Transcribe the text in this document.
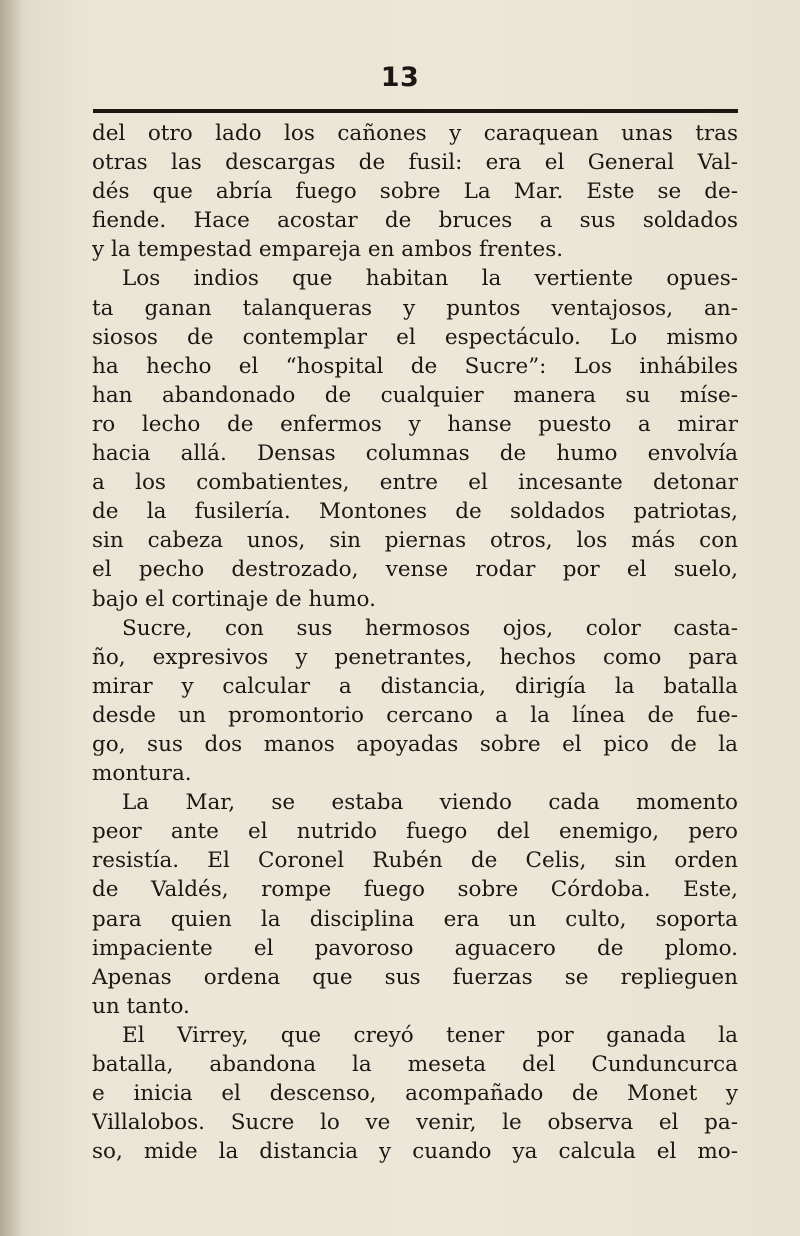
13
del otro lado los cañones y caraquean unas tras
otras las descargas de fusil: era el General Val-
dés que abría fuego sobre La Mar. Este se de-
fiende. Hace acostar de bruces a sus soldados
y la tempestad empareja en ambos frentes.
Los indios que habitan la vertiente opues-
ta ganan talanqueras y puntos ventajosos, an-
siosos de contemplar el espectáculo. Lo mismo
ha hecho el “hospital de Sucre”: Los inhábiles
han abandonado de cualquier manera su míse-
ro lecho de enfermos y hanse puesto a mirar
hacia allá. Densas columnas de humo envolvía
a los combatientes, entre el incesante detonar
de la fusilería. Montones de soldados patriotas,
sin cabeza unos, sin piernas otros, los más con
el pecho destrozado, vense rodar por el suelo,
bajo el cortinaje de humo.
Sucre, con sus hermosos ojos, color casta-
ño, expresivos y penetrantes, hechos como para
mirar y calcular a distancia, dirigía la batalla
desde un promontorio cercano a la línea de fue-
go, sus dos manos apoyadas sobre el pico de la
montura.
La Mar, se estaba viendo cada momento
peor ante el nutrido fuego del enemigo, pero
resistía. El Coronel Rubén de Celis, sin orden
de Valdés, rompe fuego sobre Córdoba. Este,
para quien la disciplina era un culto, soporta
impaciente el pavoroso aguacero de plomo.
Apenas ordena que sus fuerzas se replieguen
un tanto.
El Virrey, que creyó tener por ganada la
batalla, abandona la meseta del Cunduncurca
e inicia el descenso, acompañado de Monet y
Villalobos. Sucre lo ve venir, le observa el pa-
so, mide la distancia y cuando ya calcula el mo-
